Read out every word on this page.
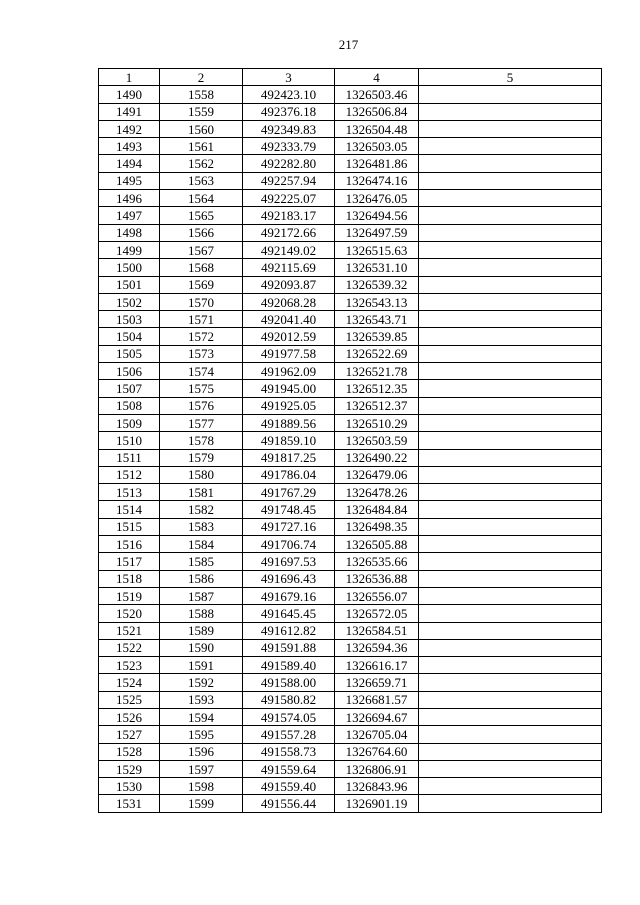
217
1	2	3	4	5
1490	1558	492423.10	1326503.46	
1491	1559	492376.18	1326506.84	
1492	1560	492349.83	1326504.48	
1493	1561	492333.79	1326503.05	
1494	1562	492282.80	1326481.86	
1495	1563	492257.94	1326474.16	
1496	1564	492225.07	1326476.05	
1497	1565	492183.17	1326494.56	
1498	1566	492172.66	1326497.59	
1499	1567	492149.02	1326515.63	
1500	1568	492115.69	1326531.10	
1501	1569	492093.87	1326539.32	
1502	1570	492068.28	1326543.13	
1503	1571	492041.40	1326543.71	
1504	1572	492012.59	1326539.85	
1505	1573	491977.58	1326522.69	
1506	1574	491962.09	1326521.78	
1507	1575	491945.00	1326512.35	
1508	1576	491925.05	1326512.37	
1509	1577	491889.56	1326510.29	
1510	1578	491859.10	1326503.59	
1511	1579	491817.25	1326490.22	
1512	1580	491786.04	1326479.06	
1513	1581	491767.29	1326478.26	
1514	1582	491748.45	1326484.84	
1515	1583	491727.16	1326498.35	
1516	1584	491706.74	1326505.88	
1517	1585	491697.53	1326535.66	
1518	1586	491696.43	1326536.88	
1519	1587	491679.16	1326556.07	
1520	1588	491645.45	1326572.05	
1521	1589	491612.82	1326584.51	
1522	1590	491591.88	1326594.36	
1523	1591	491589.40	1326616.17	
1524	1592	491588.00	1326659.71	
1525	1593	491580.82	1326681.57	
1526	1594	491574.05	1326694.67	
1527	1595	491557.28	1326705.04	
1528	1596	491558.73	1326764.60	
1529	1597	491559.64	1326806.91	
1530	1598	491559.40	1326843.96	
1531	1599	491556.44	1326901.19	
